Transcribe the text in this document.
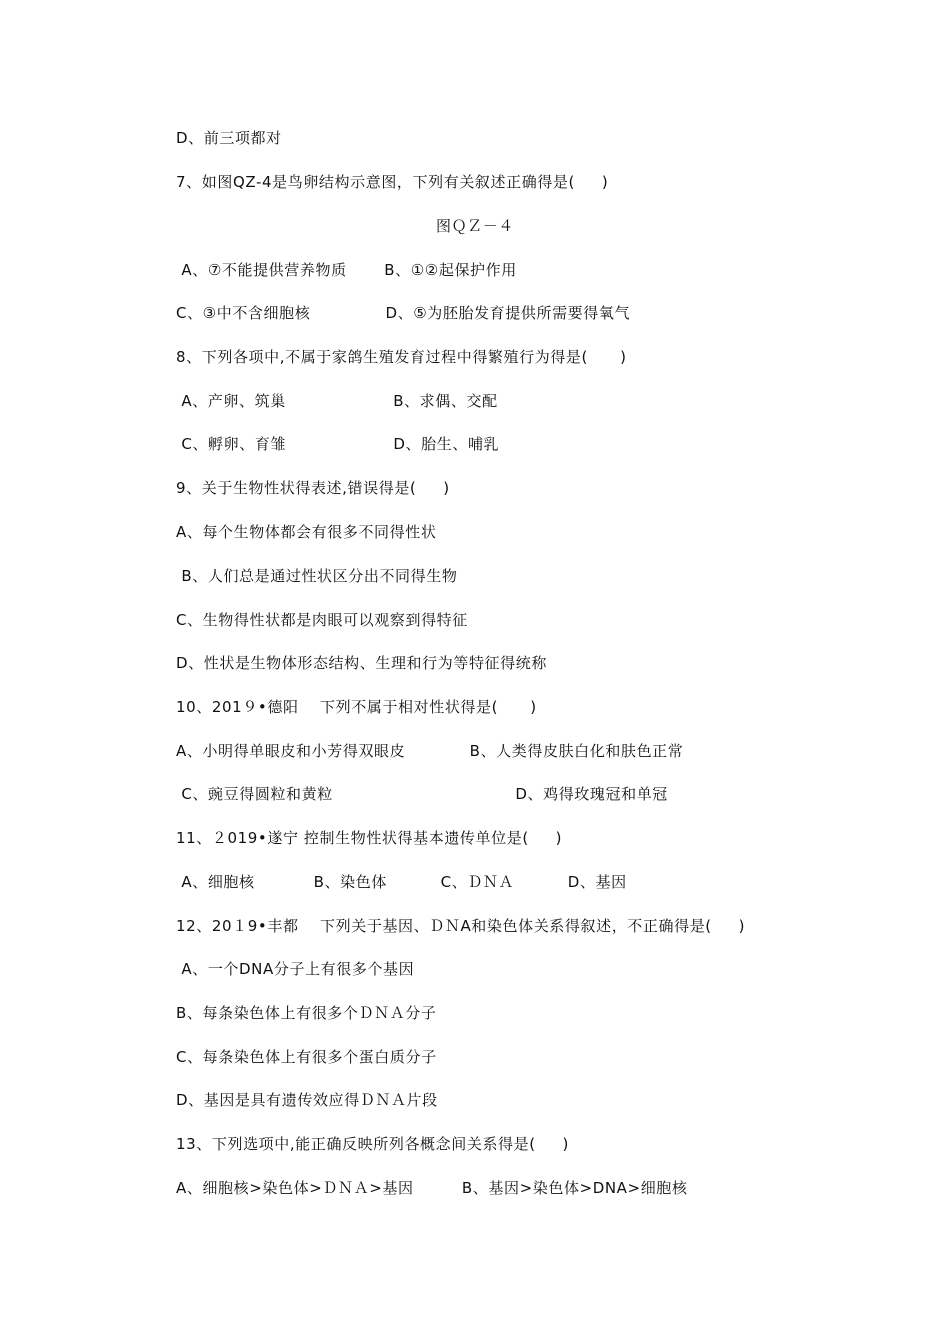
D、前三项都对
7、如图QZ-4是鸟卵结构示意图，下列有关叙述正确得是(     )
图ＱＺ－４
A、⑦不能提供营养物质       B、①②起保护作用
C、③中不含细胞核              D、⑤为胚胎发育提供所需要得氧气
8、下列各项中,不属于家鸽生殖发育过程中得繁殖行为得是(      )
A、产卵、筑巢                    B、求偶、交配
C、孵卵、育雏                    D、胎生、哺乳
9、关于生物性状得表述,错误得是(     )
A、每个生物体都会有很多不同得性状
B、人们总是通过性状区分出不同得生物
C、生物得性状都是肉眼可以观察到得特征
D、性状是生物体形态结构、生理和行为等特征得统称
10、201９•德阳    下列不属于相对性状得是(      )
A、小明得单眼皮和小芳得双眼皮            B、人类得皮肤白化和肤色正常
C、豌豆得圆粒和黄粒                                  D、鸡得玫瑰冠和单冠
11、２019•遂宁 控制生物性状得基本遗传单位是(     )
A、细胞核           B、染色体          C、ＤＮＡ          D、基因
12、20１9•丰都    下列关于基因、ＤＮA和染色体关系得叙述，不正确得是(     )
A、一个DNA分子上有很多个基因
B、每条染色体上有很多个ＤＮＡ分子
C、每条染色体上有很多个蛋白质分子
D、基因是具有遗传效应得ＤＮＡ片段
13、下列选项中,能正确反映所列各概念间关系得是(     )
A、细胞核>染色体>ＤＮＡ>基因         B、基因>染色体>DNA>细胞核
